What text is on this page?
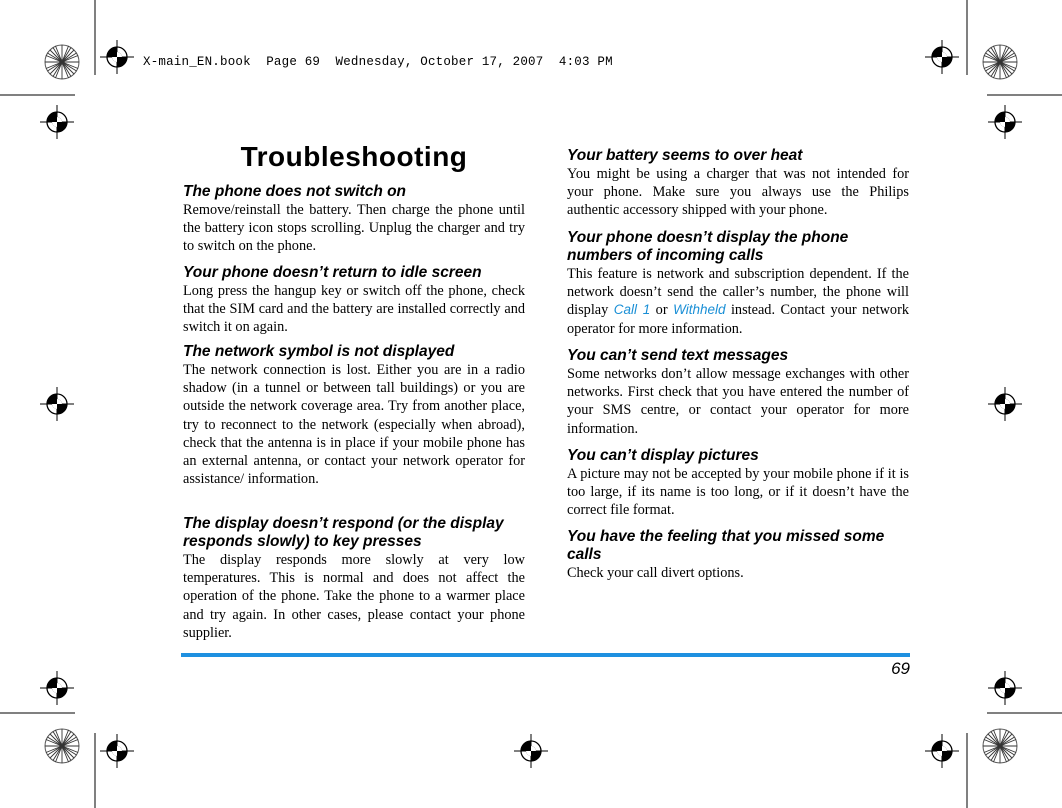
X-main_EN.book  Page 69  Wednesday, October 17, 2007  4:03 PM
Troubleshooting
The phone does not switch on

Remove/reinstall the battery. Then charge the phone until the battery icon stops scrolling. Unplug the charger and try to switch on the phone.

Your phone doesn’t return to idle screen

Long press the hangup key or switch off the phone, check that the SIM card and the battery are installed correctly and switch it on again.

The network symbol is not displayed

The network connection is lost. Either you are in a radio shadow (in a tunnel or between tall buildings) or you are outside the network coverage area. Try from another place, try to reconnect to the network (especially when abroad), check that the antenna is in place if your mobile phone has an external antenna, or contact your network operator for assistance/ information.

The display doesn’t respond (or the display responds slowly) to key presses

The display responds more slowly at very low temperatures. This is normal and does not affect the operation of the phone. Take the phone to a warmer place and try again. In other cases, please contact your phone supplier.

Your battery seems to over heat

You might be using a charger that was not intended for your phone. Make sure you always use the Philips authentic accessory shipped with your phone.

Your phone doesn’t display the phone numbers of incoming calls

This feature is network and subscription dependent. If the network doesn’t send the caller’s number, the phone will display Call 1 or Withheld instead. Contact your network operator for more information.

You can’t send text messages

Some networks don’t allow message exchanges with other networks. First check that you have entered the number of your SMS centre, or contact your operator for more information.

You can’t display pictures

A picture may not be accepted by your mobile phone if it is too large, if its name is too long, or if it doesn’t have the correct file format.

You have the feeling that you missed some calls

Check your call divert options.

69
